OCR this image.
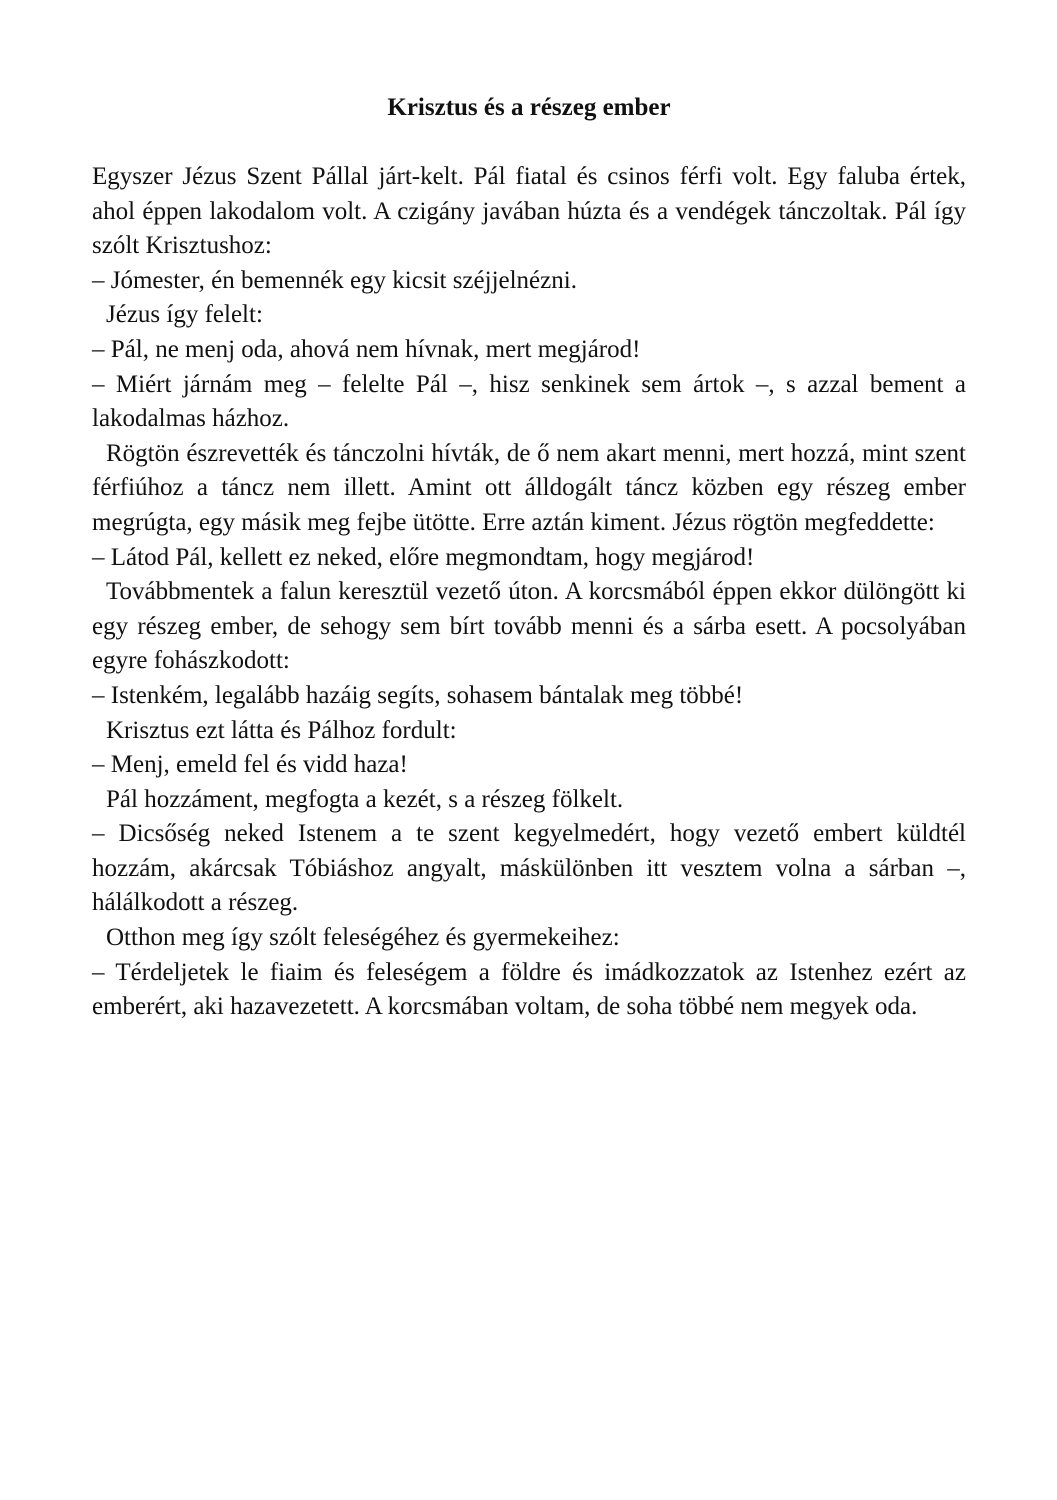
Krisztus és a részeg ember

Egyszer Jézus Szent Pállal járt-kelt. Pál fiatal és csinos férfi volt. Egy faluba értek, ahol éppen lakodalom volt. A czigány javában húzta és a vendégek tánczoltak. Pál így szólt Krisztushoz:

– Jómester, én bemennék egy kicsit széjjelnézni.

Jézus így felelt:

– Pál, ne menj oda, ahová nem hívnak, mert megjárod!

– Miért járnám meg – felelte Pál –, hisz senkinek sem ártok –, s azzal bement a lakodalmas házhoz.

Rögtön észrevették és tánczolni hívták, de ő nem akart menni, mert hozzá, mint szent férfiúhoz a táncz nem illett. Amint ott álldogált táncz közben egy részeg ember megrúgta, egy másik meg fejbe ütötte. Erre aztán kiment. Jézus rögtön megfeddette:

– Látod Pál, kellett ez neked, előre megmondtam, hogy megjárod!

Továbbmentek a falun keresztül vezető úton. A korcsmából éppen ekkor dülöngött ki egy részeg ember, de sehogy sem bírt tovább menni és a sárba esett. A pocsolyában egyre fohászkodott:

– Istenkém, legalább hazáig segíts, sohasem bántalak meg többé!

Krisztus ezt látta és Pálhoz fordult:

– Menj, emeld fel és vidd haza!

Pál hozzáment, megfogta a kezét, s a részeg fölkelt.

– Dicsőség neked Istenem a te szent kegyelmedért, hogy vezető embert küldtél hozzám, akárcsak Tóbiáshoz angyalt, máskülönben itt vesztem volna a sárban –, hálálkodott a részeg.

Otthon meg így szólt feleségéhez és gyermekeihez:

– Térdeljetek le fiaim és feleségem a földre és imádkozzatok az Istenhez ezért az emberért, aki hazavezetett. A korcsmában voltam, de soha többé nem megyek oda.
